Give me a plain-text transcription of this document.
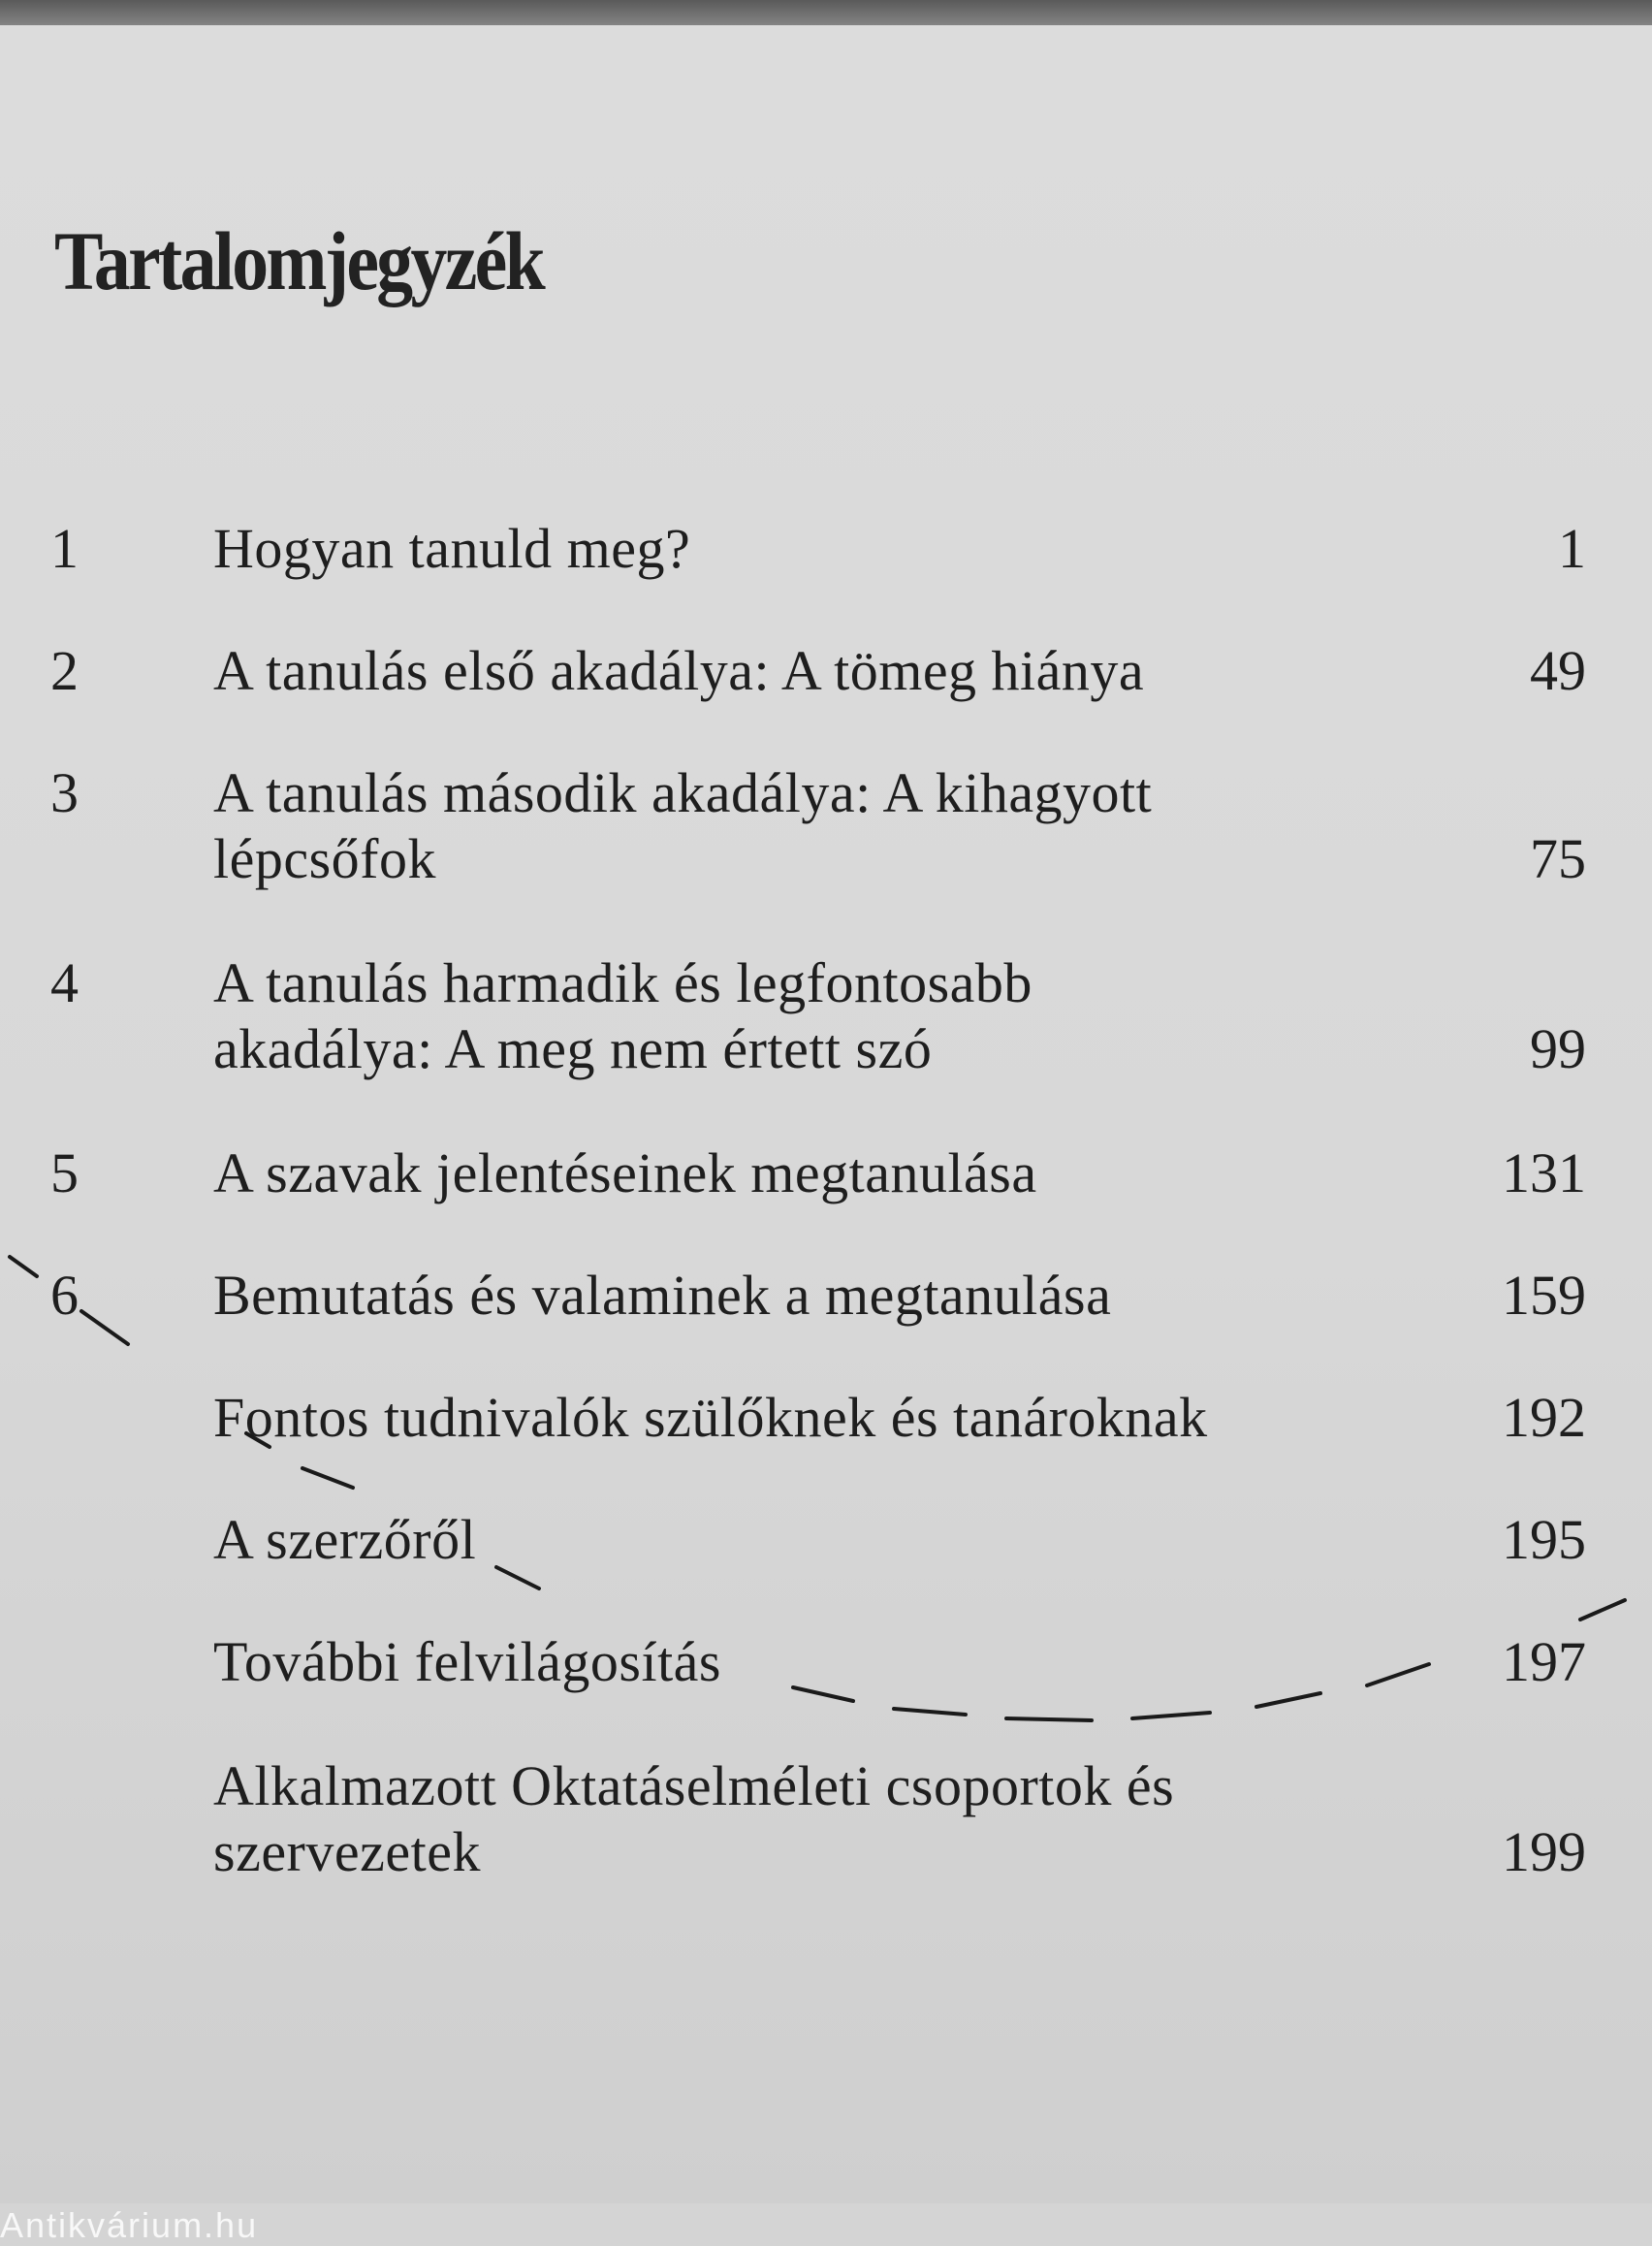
Tartalomjegyzék
1 Hogyan tanuld meg?	1
2 A tanulás első akadálya: A tömeg hiánya	49
3 A tanulás második akadálya: A kihagyott
lépcsőfok	75
4 A tanulás harmadik és legfontosabb
akadálya: A meg nem értett szó	99
5 A szavak jelentéseinek megtanulása	131
6 Bemutatás és valaminek a megtanulása	159
Fontos tudnivalók szülőknek és tanároknak	192
A szerzőről	195
További felvilágosítás	197
Alkalmazott Oktatáselméleti csoportok és
szervezetek	199
Antikvárium.hu
